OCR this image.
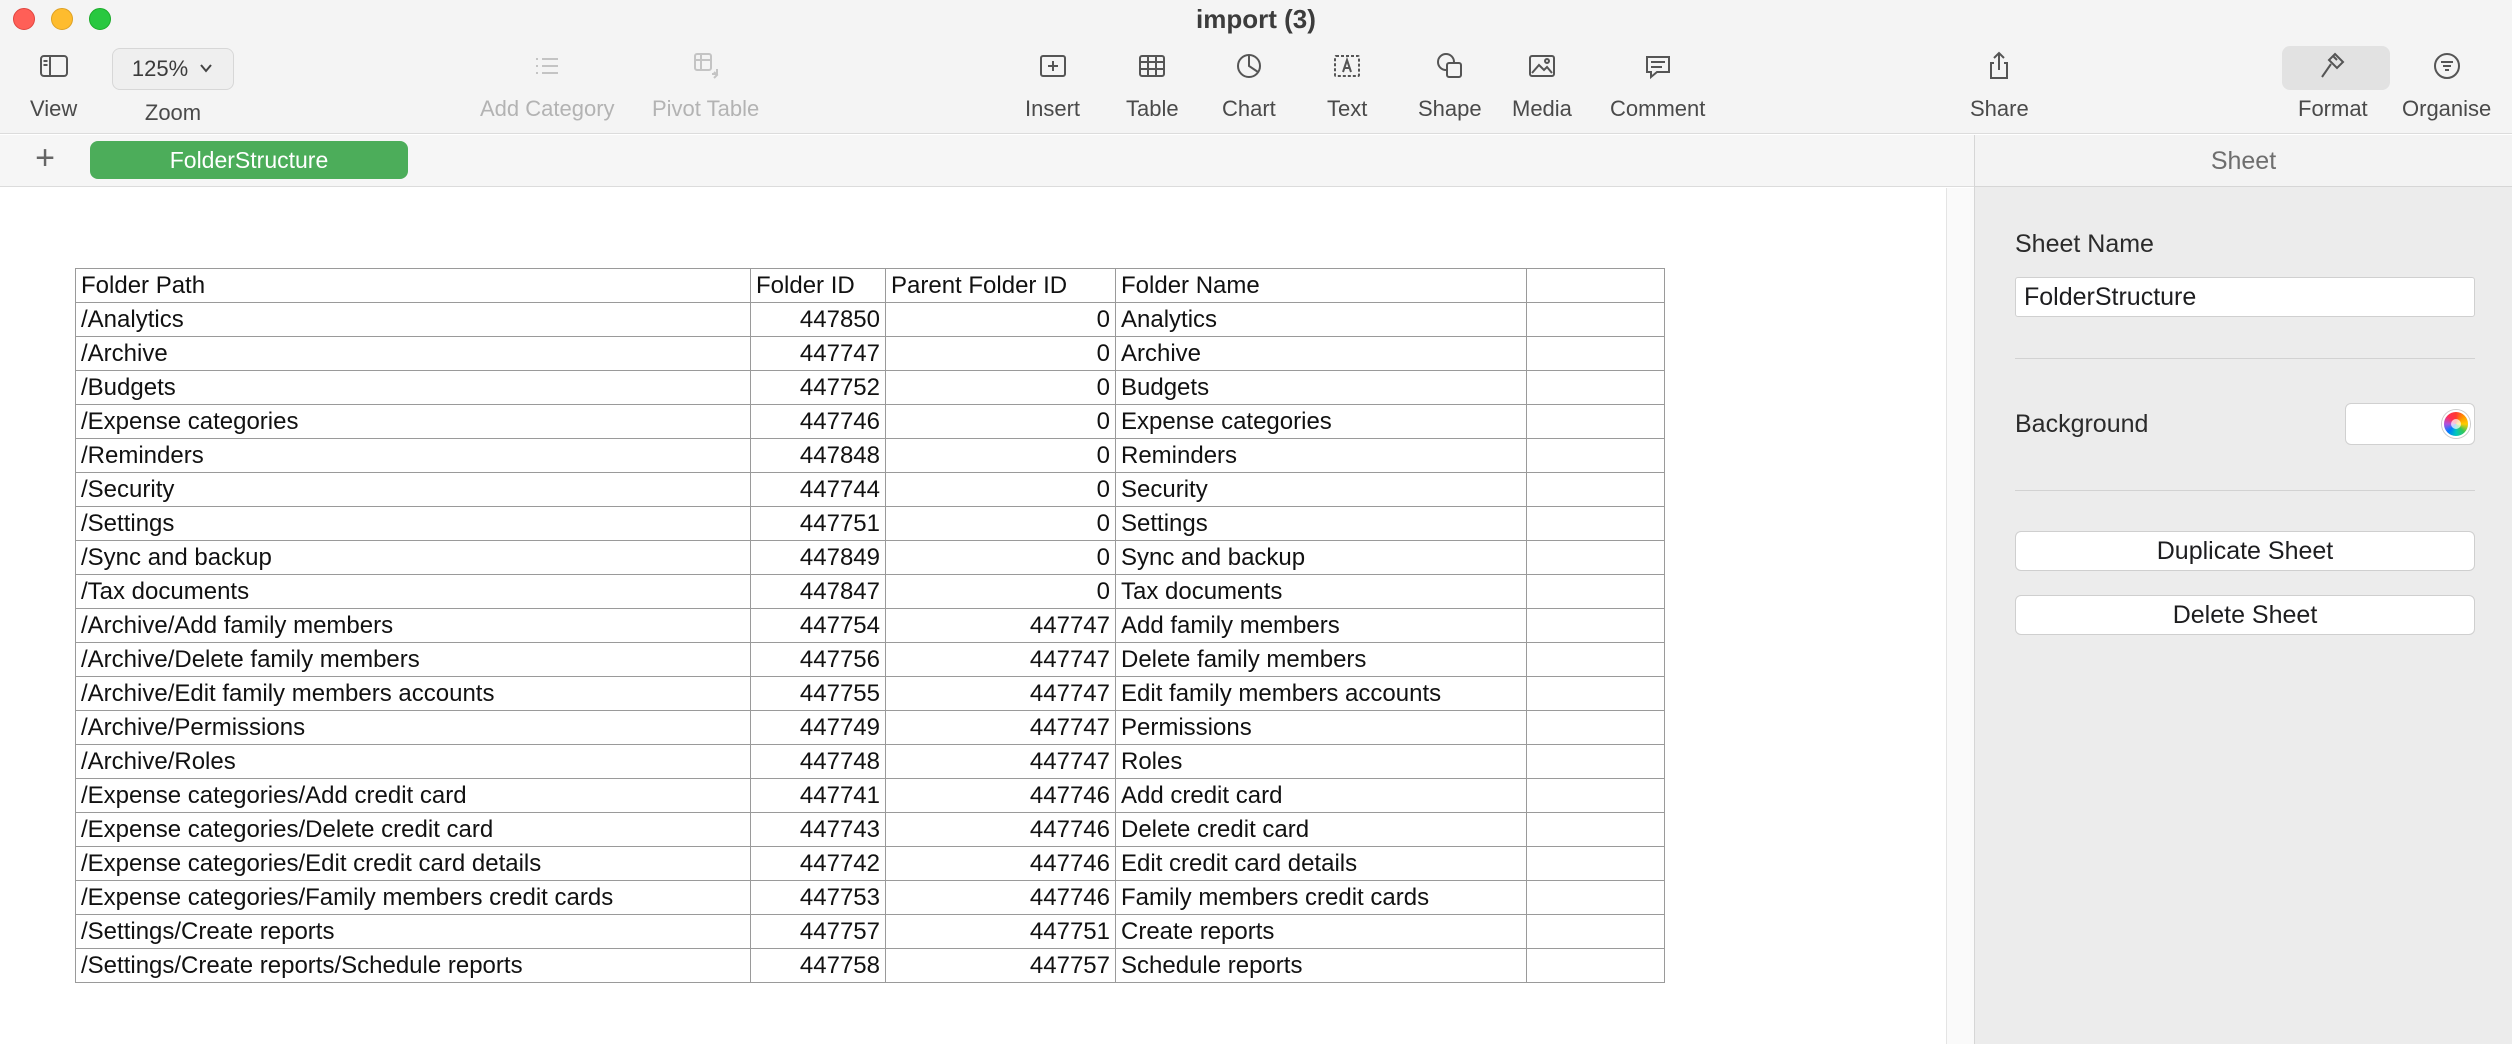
import (3)
View
125%
Zoom	Add Category Pivot Table	Insert Table Chart Text Shape Media Comment	Share	Format Organise
+	FolderStructure
Folder Path	Folder ID	Parent Folder ID	Folder Name	
/Analytics	447850	0	Analytics	
/Archive	447747	0	Archive	
/Budgets	447752	0	Budgets	
/Expense categories	447746	0	Expense categories	
/Reminders	447848	0	Reminders	
/Security	447744	0	Security	
/Settings	447751	0	Settings	
/Sync and backup	447849	0	Sync and backup	
/Tax documents	447847	0	Tax documents	
/Archive/Add family members	447754	447747	Add family members	
/Archive/Delete family members	447756	447747	Delete family members	
/Archive/Edit family members accounts	447755	447747	Edit family members accounts	
/Archive/Permissions	447749	447747	Permissions	
/Archive/Roles	447748	447747	Roles	
/Expense categories/Add credit card	447741	447746	Add credit card	
/Expense categories/Delete credit card	447743	447746	Delete credit card	
/Expense categories/Edit credit card details	447742	447746	Edit credit card details	
/Expense categories/Family members credit cards	447753	447746	Family members credit cards	
/Settings/Create reports	447757	447751	Create reports	
/Settings/Create reports/Schedule reports	447758	447757	Schedule reports	
Sheet
Sheet Name
FolderStructure
Background
Duplicate Sheet
Delete Sheet
